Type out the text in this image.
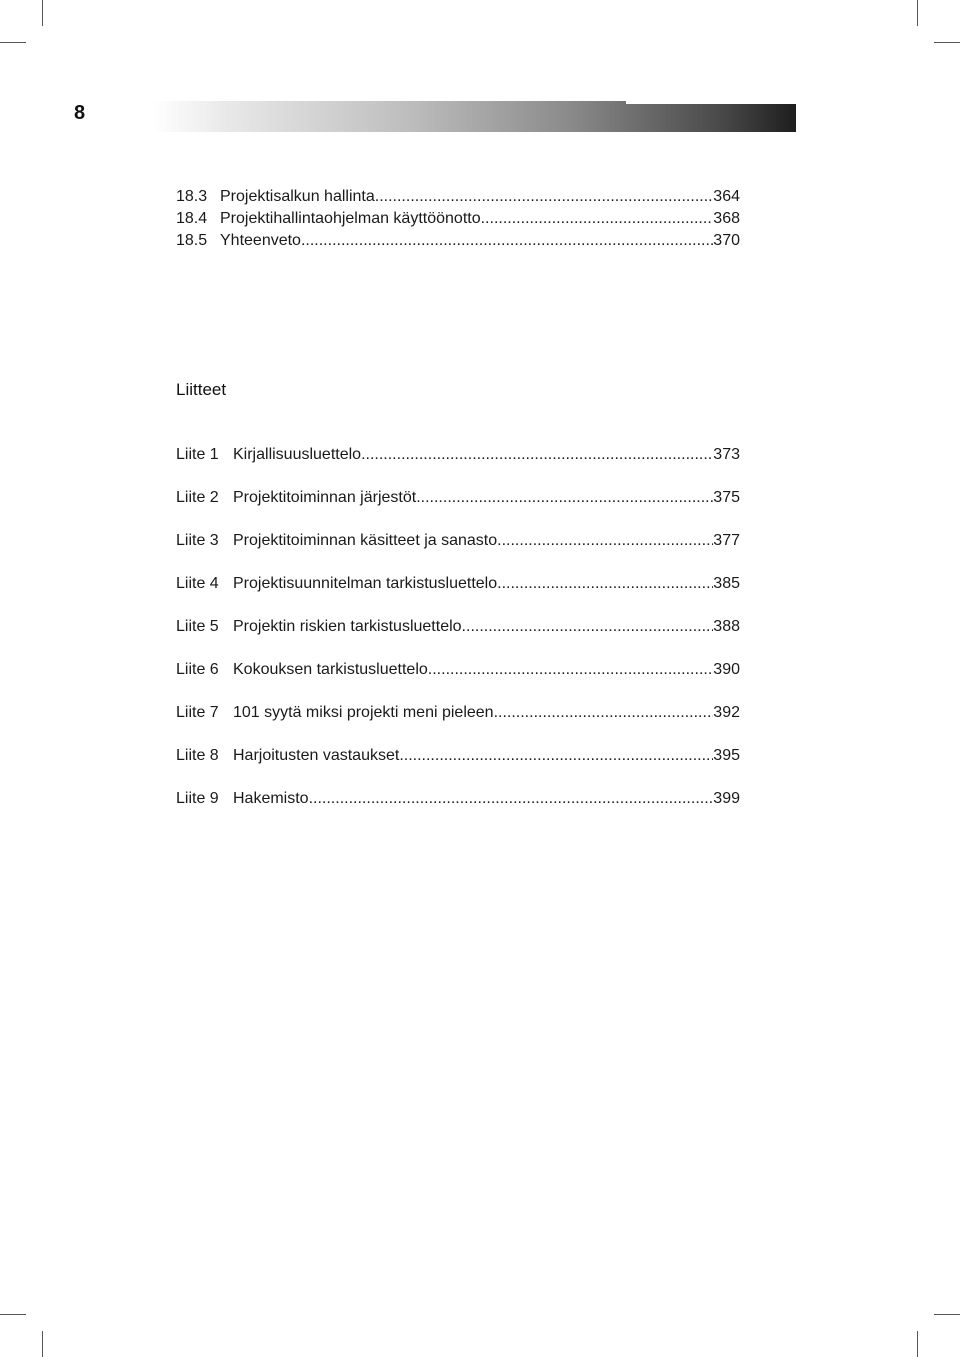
8
18.3 Projektisalkun hallinta .....	364
18.4 Projektihallintaohjelman käyttöönotto .....	368
18.5 Yhteenveto .....	370
Liitteet
Liite 1 Kirjallisuusluettelo .....	373
Liite 2 Projektitoiminnan järjestöt .....	375
Liite 3 Projektitoiminnan käsitteet ja sanasto .....	377
Liite 4 Projektisuunnitelman tarkistusluettelo .....	385
Liite 5 Projektin riskien tarkistusluettelo .....	388
Liite 6 Kokouksen tarkistusluettelo .....	390
Liite 7 101 syytä miksi projekti meni pieleen .....	392
Liite 8 Harjoitusten vastaukset .....	395
Liite 9 Hakemisto .....	399
